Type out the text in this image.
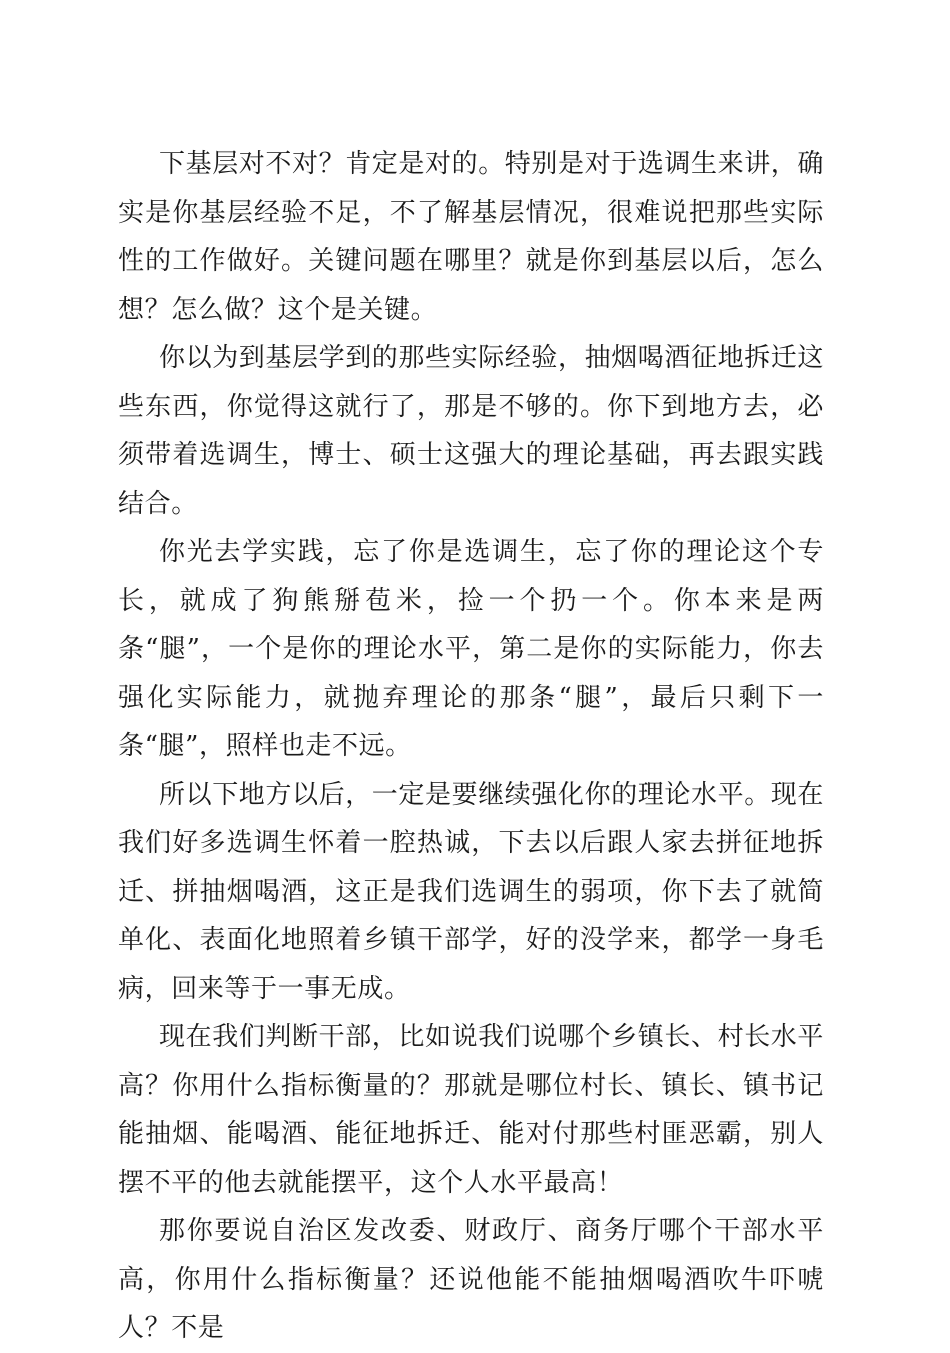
下基层对不对？肯定是对的。特别是对于选调生来讲，确实是你基层经验不足，不了解基层情况，很难说把那些实际性的工作做好。关键问题在哪里？就是你到基层以后，怎么想？怎么做？这个是关键。

你以为到基层学到的那些实际经验，抽烟喝酒征地拆迁这些东西，你觉得这就行了，那是不够的。你下到地方去，必须带着选调生，博士、硕士这强大的理论基础，再去跟实践结合。

你光去学实践，忘了你是选调生，忘了你的理论这个专长，就成了狗熊掰苞米，捡一个扔一个。你本来是两条“腿”，一个是你的理论水平，第二是你的实际能力，你去强化实际能力，就抛弃理论的那条“腿”，最后只剩下一条“腿”，照样也走不远。

所以下地方以后，一定是要继续强化你的理论水平。现在我们好多选调生怀着一腔热诚，下去以后跟人家去拼征地拆迁、拼抽烟喝酒，这正是我们选调生的弱项，你下去了就简单化、表面化地照着乡镇干部学，好的没学来，都学一身毛病，回来等于一事无成。

现在我们判断干部，比如说我们说哪个乡镇长、村长水平高？你用什么指标衡量的？那就是哪位村长、镇长、镇书记能抽烟、能喝酒、能征地拆迁、能对付那些村匪恶霸，别人摆不平的他去就能摆平，这个人水平最高！

那你要说自治区发改委、财政厅、商务厅哪个干部水平高，你用什么指标衡量？还说他能不能抽烟喝酒吹牛吓唬人？不是
